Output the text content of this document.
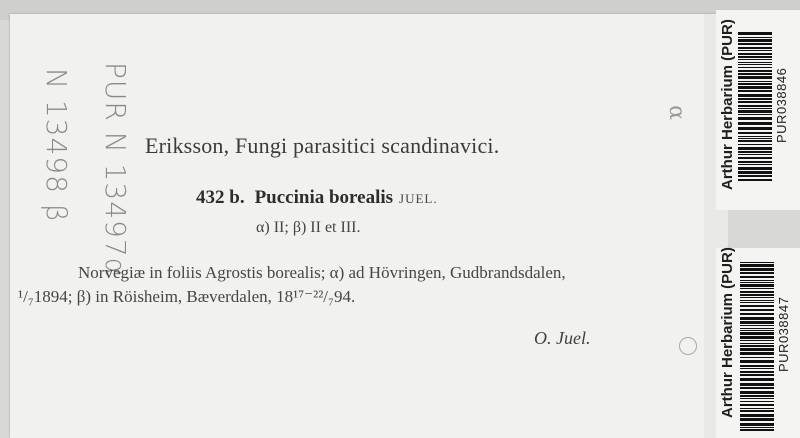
PUR N 13497α
N 13498 β	Eriksson, Fungi parasitici scandinavici.
432 b. Puccinia borealis JUEL.
α) II; β) II et III.
Norvegiæ in foliis Agrostis borealis; α) ad Hövringen, Gudbrandsdalen,
¹/₇1894; β) in Röisheim, Bæverdalen, 18¹⁷⁻²²/₇94.
O. Juel.
α Arthur Herbarium (PUR)	PUR038846
Arthur Herbarium (PUR)	PUR038847
